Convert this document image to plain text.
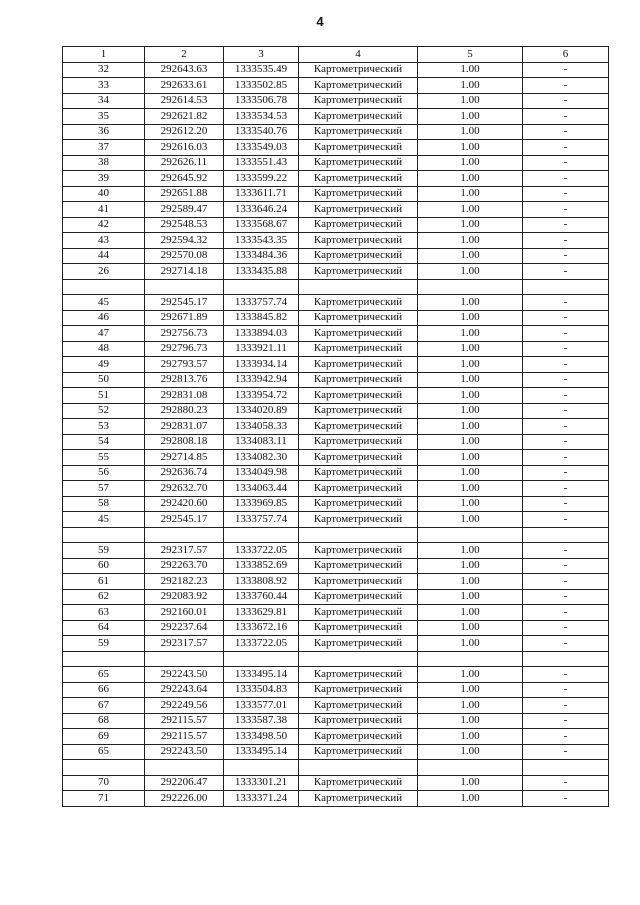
4
1	2	3	4	5	6
32	292643.63	1333535.49	Картометрический	1.00	-
33	292633.61	1333502.85	Картометрический	1.00	-
34	292614.53	1333506.78	Картометрический	1.00	-
35	292621.82	1333534.53	Картометрический	1.00	-
36	292612.20	1333540.76	Картометрический	1.00	-
37	292616.03	1333549.03	Картометрический	1.00	-
38	292626.11	1333551.43	Картометрический	1.00	-
39	292645.92	1333599.22	Картометрический	1.00	-
40	292651.88	1333611.71	Картометрический	1.00	-
41	292589.47	1333646.24	Картометрический	1.00	-
42	292548.53	1333568.67	Картометрический	1.00	-
43	292594.32	1333543.35	Картометрический	1.00	-
44	292570.08	1333484.36	Картометрический	1.00	-
26	292714.18	1333435.88	Картометрический	1.00	-

45	292545.17	1333757.74	Картометрический	1.00	-
46	292671.89	1333845.82	Картометрический	1.00	-
47	292756.73	1333894.03	Картометрический	1.00	-
48	292796.73	1333921.11	Картометрический	1.00	-
49	292793.57	1333934.14	Картометрический	1.00	-
50	292813.76	1333942.94	Картометрический	1.00	-
51	292831.08	1333954.72	Картометрический	1.00	-
52	292880.23	1334020.89	Картометрический	1.00	-
53	292831.07	1334058.33	Картометрический	1.00	-
54	292808.18	1334083.11	Картометрический	1.00	-
55	292714.85	1334082.30	Картометрический	1.00	-
56	292636.74	1334049.98	Картометрический	1.00	-
57	292632.70	1334063.44	Картометрический	1.00	-
58	292420.60	1333969.85	Картометрический	1.00	-
45	292545.17	1333757.74	Картометрический	1.00	-

59	292317.57	1333722.05	Картометрический	1.00	-
60	292263.70	1333852.69	Картометрический	1.00	-
61	292182.23	1333808.92	Картометрический	1.00	-
62	292083.92	1333760.44	Картометрический	1.00	-
63	292160.01	1333629.81	Картометрический	1.00	-
64	292237.64	1333672.16	Картометрический	1.00	-
59	292317.57	1333722.05	Картометрический	1.00	-

65	292243.50	1333495.14	Картометрический	1.00	-
66	292243.64	1333504.83	Картометрический	1.00	-
67	292249.56	1333577.01	Картометрический	1.00	-
68	292115.57	1333587.38	Картометрический	1.00	-
69	292115.57	1333498.50	Картометрический	1.00	-
65	292243.50	1333495.14	Картометрический	1.00	-

70	292206.47	1333301.21	Картометрический	1.00	-
71	292226.00	1333371.24	Картометрический	1.00	-
